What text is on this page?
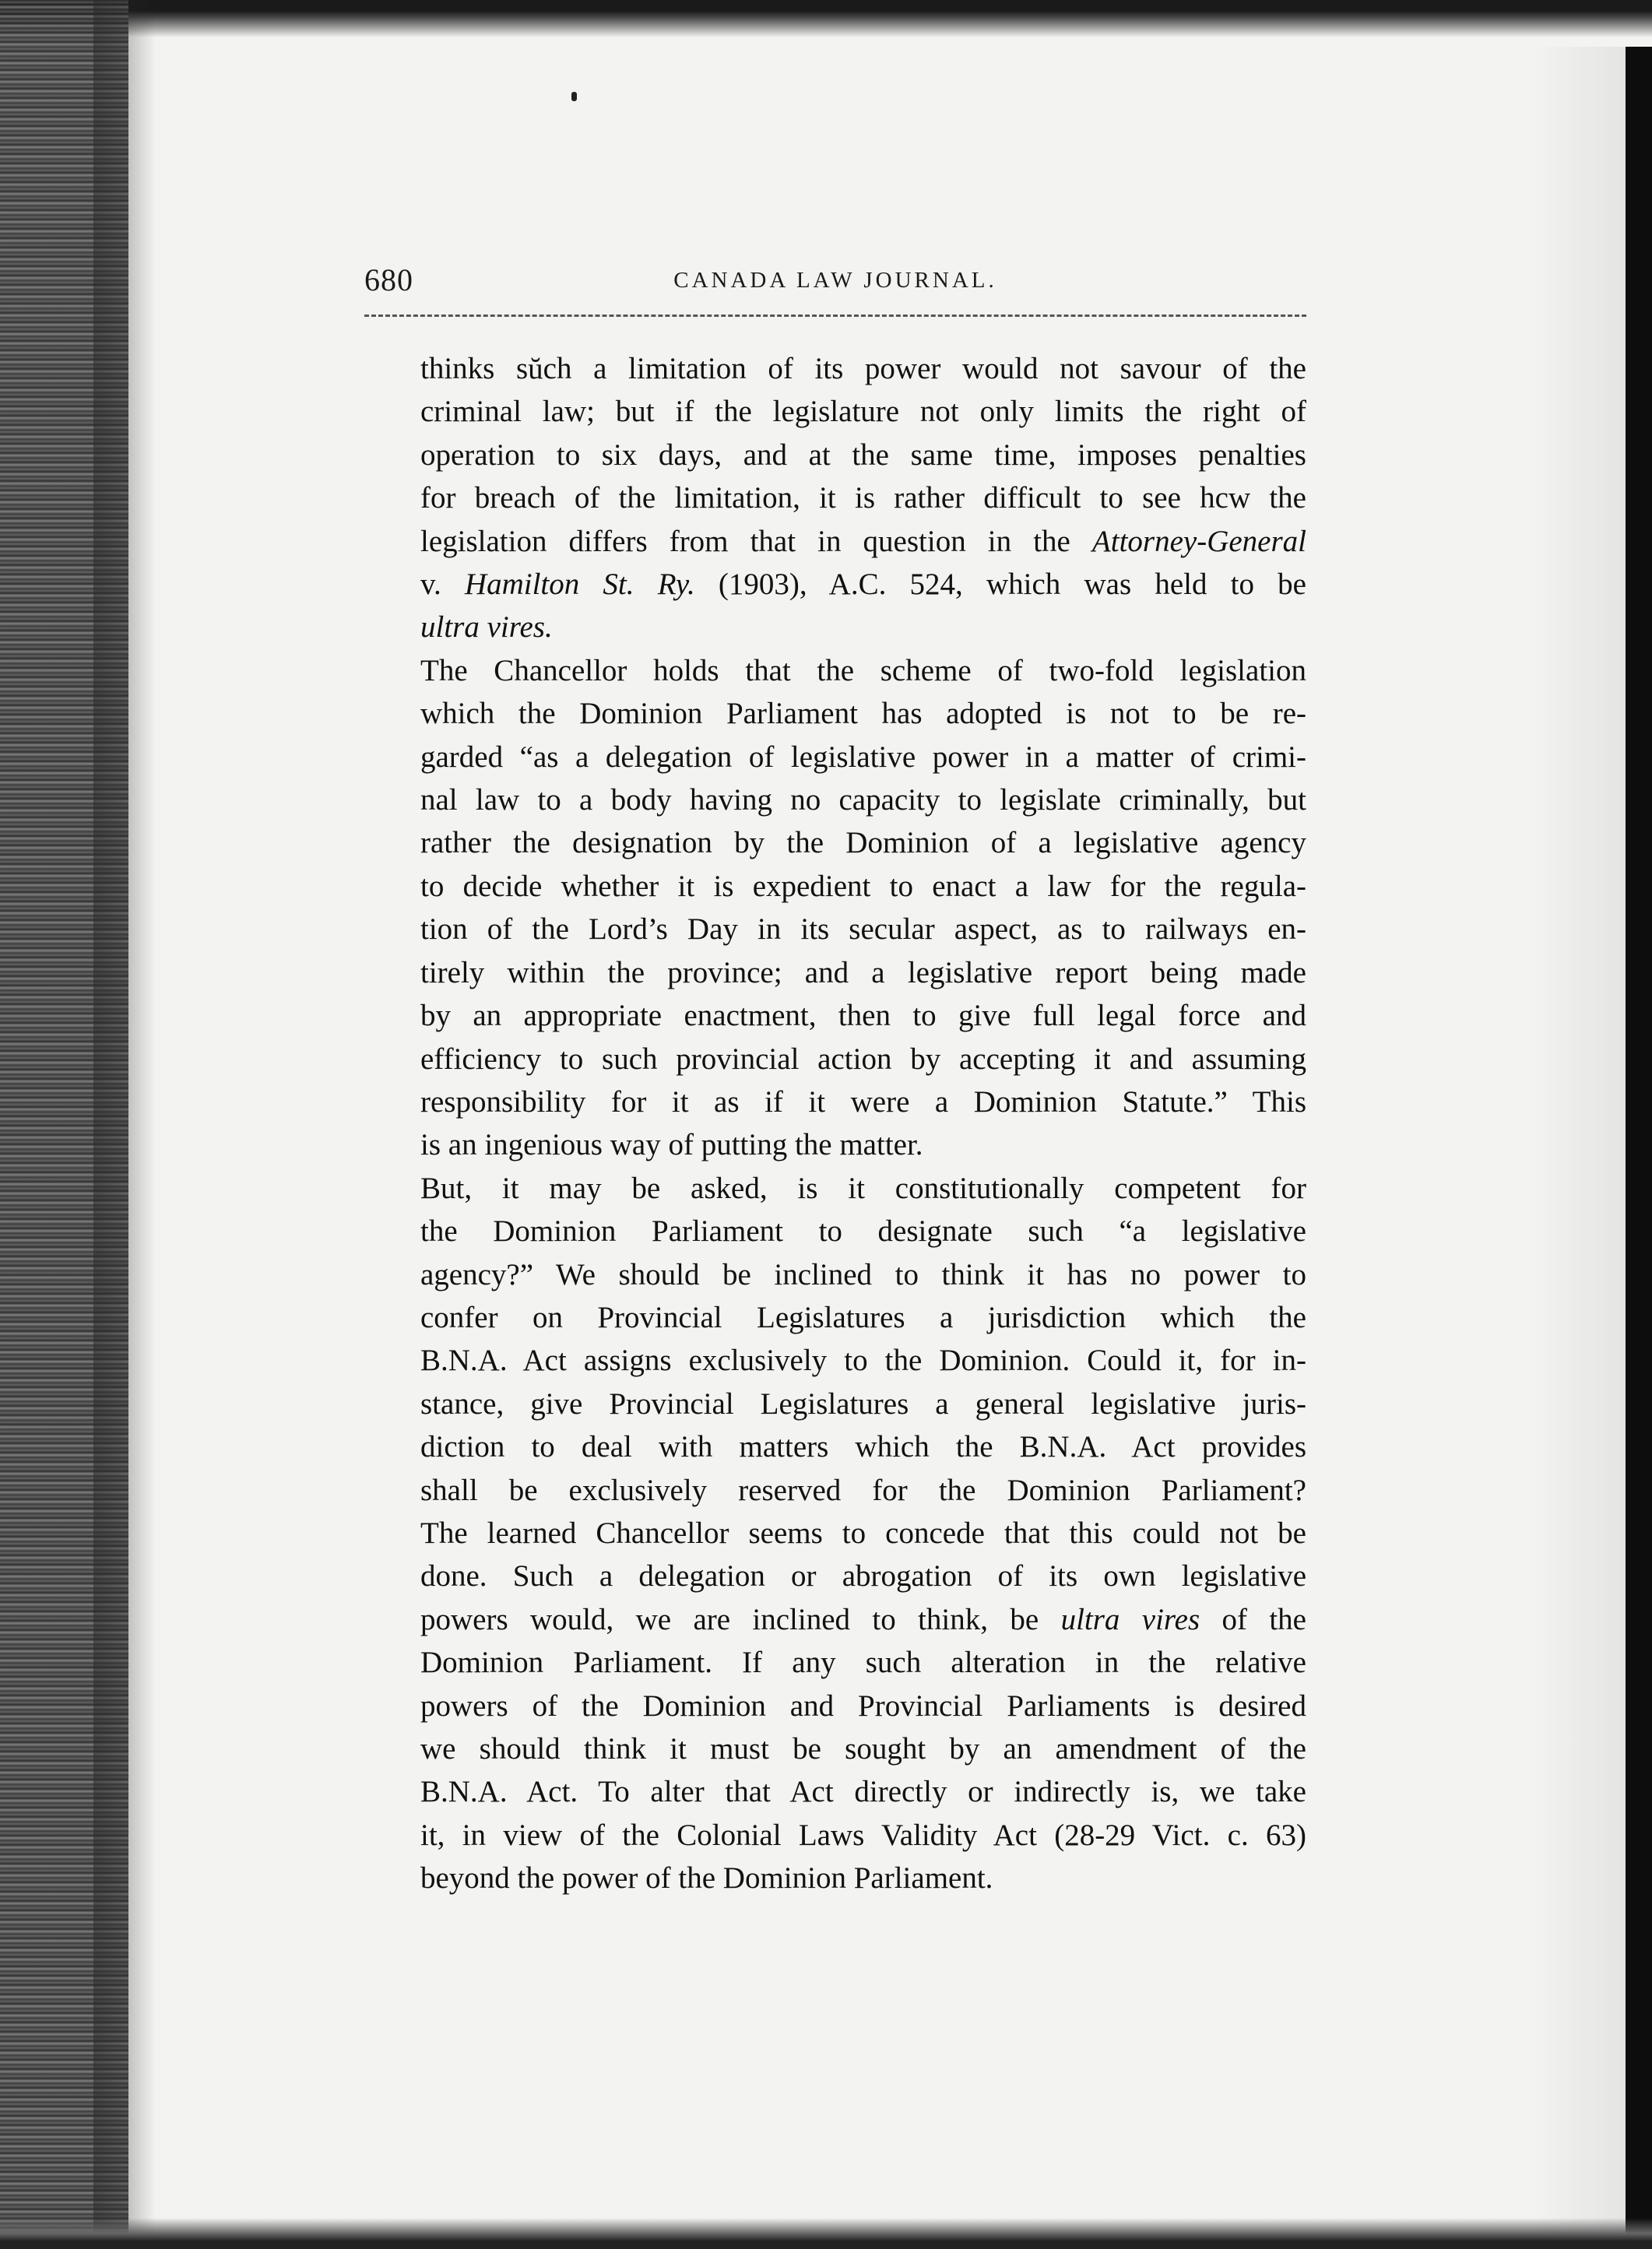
680	CANADA LAW JOURNAL.
thinks sŭch a limitation of its power would not savour of the
criminal law; but if the legislature not only limits the right of
operation to six days, and at the same time, imposes penalties
for breach of the limitation, it is rather difficult to see hcw the
legislation differs from that in question in the Attorney-General
v. Hamilton St. Ry. (1903), A.C. 524, which was held to be
ultra vires.
The Chancellor holds that the scheme of two-fold legislation
which the Dominion Parliament has adopted is not to be re-
garded “as a delegation of legislative power in a matter of crimi-
nal law to a body having no capacity to legislate criminally, but
rather the designation by the Dominion of a legislative agency
to decide whether it is expedient to enact a law for the regula-
tion of the Lord’s Day in its secular aspect, as to railways en-
tirely within the province; and a legislative report being made
by an appropriate enactment, then to give full legal force and
efficiency to such provincial action by accepting it and assuming
responsibility for it as if it were a Dominion Statute.” This
is an ingenious way of putting the matter.
But, it may be asked, is it constitutionally competent for
the Dominion Parliament to designate such “a legislative
agency?” We should be inclined to think it has no power to
confer on Provincial Legislatures a jurisdiction which the
B.N.A. Act assigns exclusively to the Dominion. Could it, for in-
stance, give Provincial Legislatures a general legislative juris-
diction to deal with matters which the B.N.A. Act provides
shall be exclusively reserved for the Dominion Parliament?
The learned Chancellor seems to concede that this could not be
done. Such a delegation or abrogation of its own legislative
powers would, we are inclined to think, be ultra vires of the
Dominion Parliament. If any such alteration in the relative
powers of the Dominion and Provincial Parliaments is desired
we should think it must be sought by an amendment of the
B.N.A. Act. To alter that Act directly or indirectly is, we take
it, in view of the Colonial Laws Validity Act (28-29 Vict. c. 63)
beyond the power of the Dominion Parliament.
